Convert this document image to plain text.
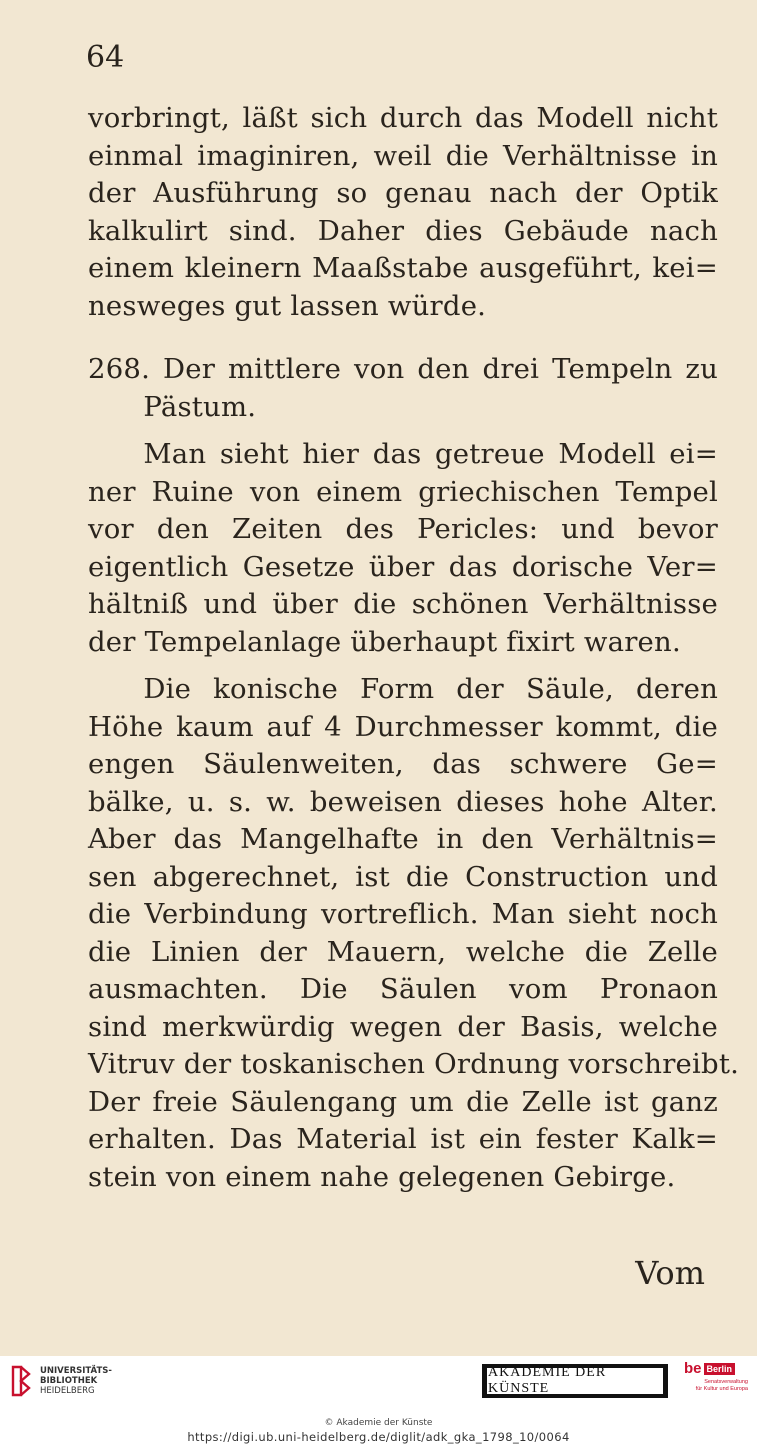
64
vorbringt, läßt sich durch das Modell nicht
einmal imaginiren, weil die Verhältnisse in
der Ausführung so genau nach der Optik
kalkulirt sind. Daher dies Gebäude nach
einem kleinern Maaßstabe ausgeführt, kei=
nesweges gut lassen würde.
268. Der mittlere von den drei Tempeln zu
  Pästum.
  Man sieht hier das getreue Modell ei=
ner Ruine von einem griechischen Tempel
vor den Zeiten des Pericles: und bevor
eigentlich Gesetze über das dorische Ver=
hältniß und über die schönen Verhältnisse
der Tempelanlage überhaupt fixirt waren.
  Die konische Form der Säule, deren
Höhe kaum auf 4 Durchmesser kommt, die
engen Säulenweiten, das schwere Ge=
bälke, u. s. w. beweisen dieses hohe Alter.
Aber das Mangelhafte in den Verhältnis=
sen abgerechnet, ist die Construction und
die Verbindung vortreflich. Man sieht noch
die Linien der Mauern, welche die Zelle
ausmachten. Die Säulen vom Pronaon
sind merkwürdig wegen der Basis, welche
Vitruv der toskanischen Ordnung vorschreibt.
Der freie Säulengang um die Zelle ist ganz
erhalten. Das Material ist ein fester Kalk=
stein von einem nahe gelegenen Gebirge.
Vom
UNIVERSITÄTS-
BIBLIOTHEK
HEIDELBERG
AKADEMIE DER KÜNSTE
be Berlin
Senatsverwaltung
für Kultur und Europa
© Akademie der Künste
https://digi.ub.uni-heidelberg.de/diglit/adk_gka_1798_10/0064
